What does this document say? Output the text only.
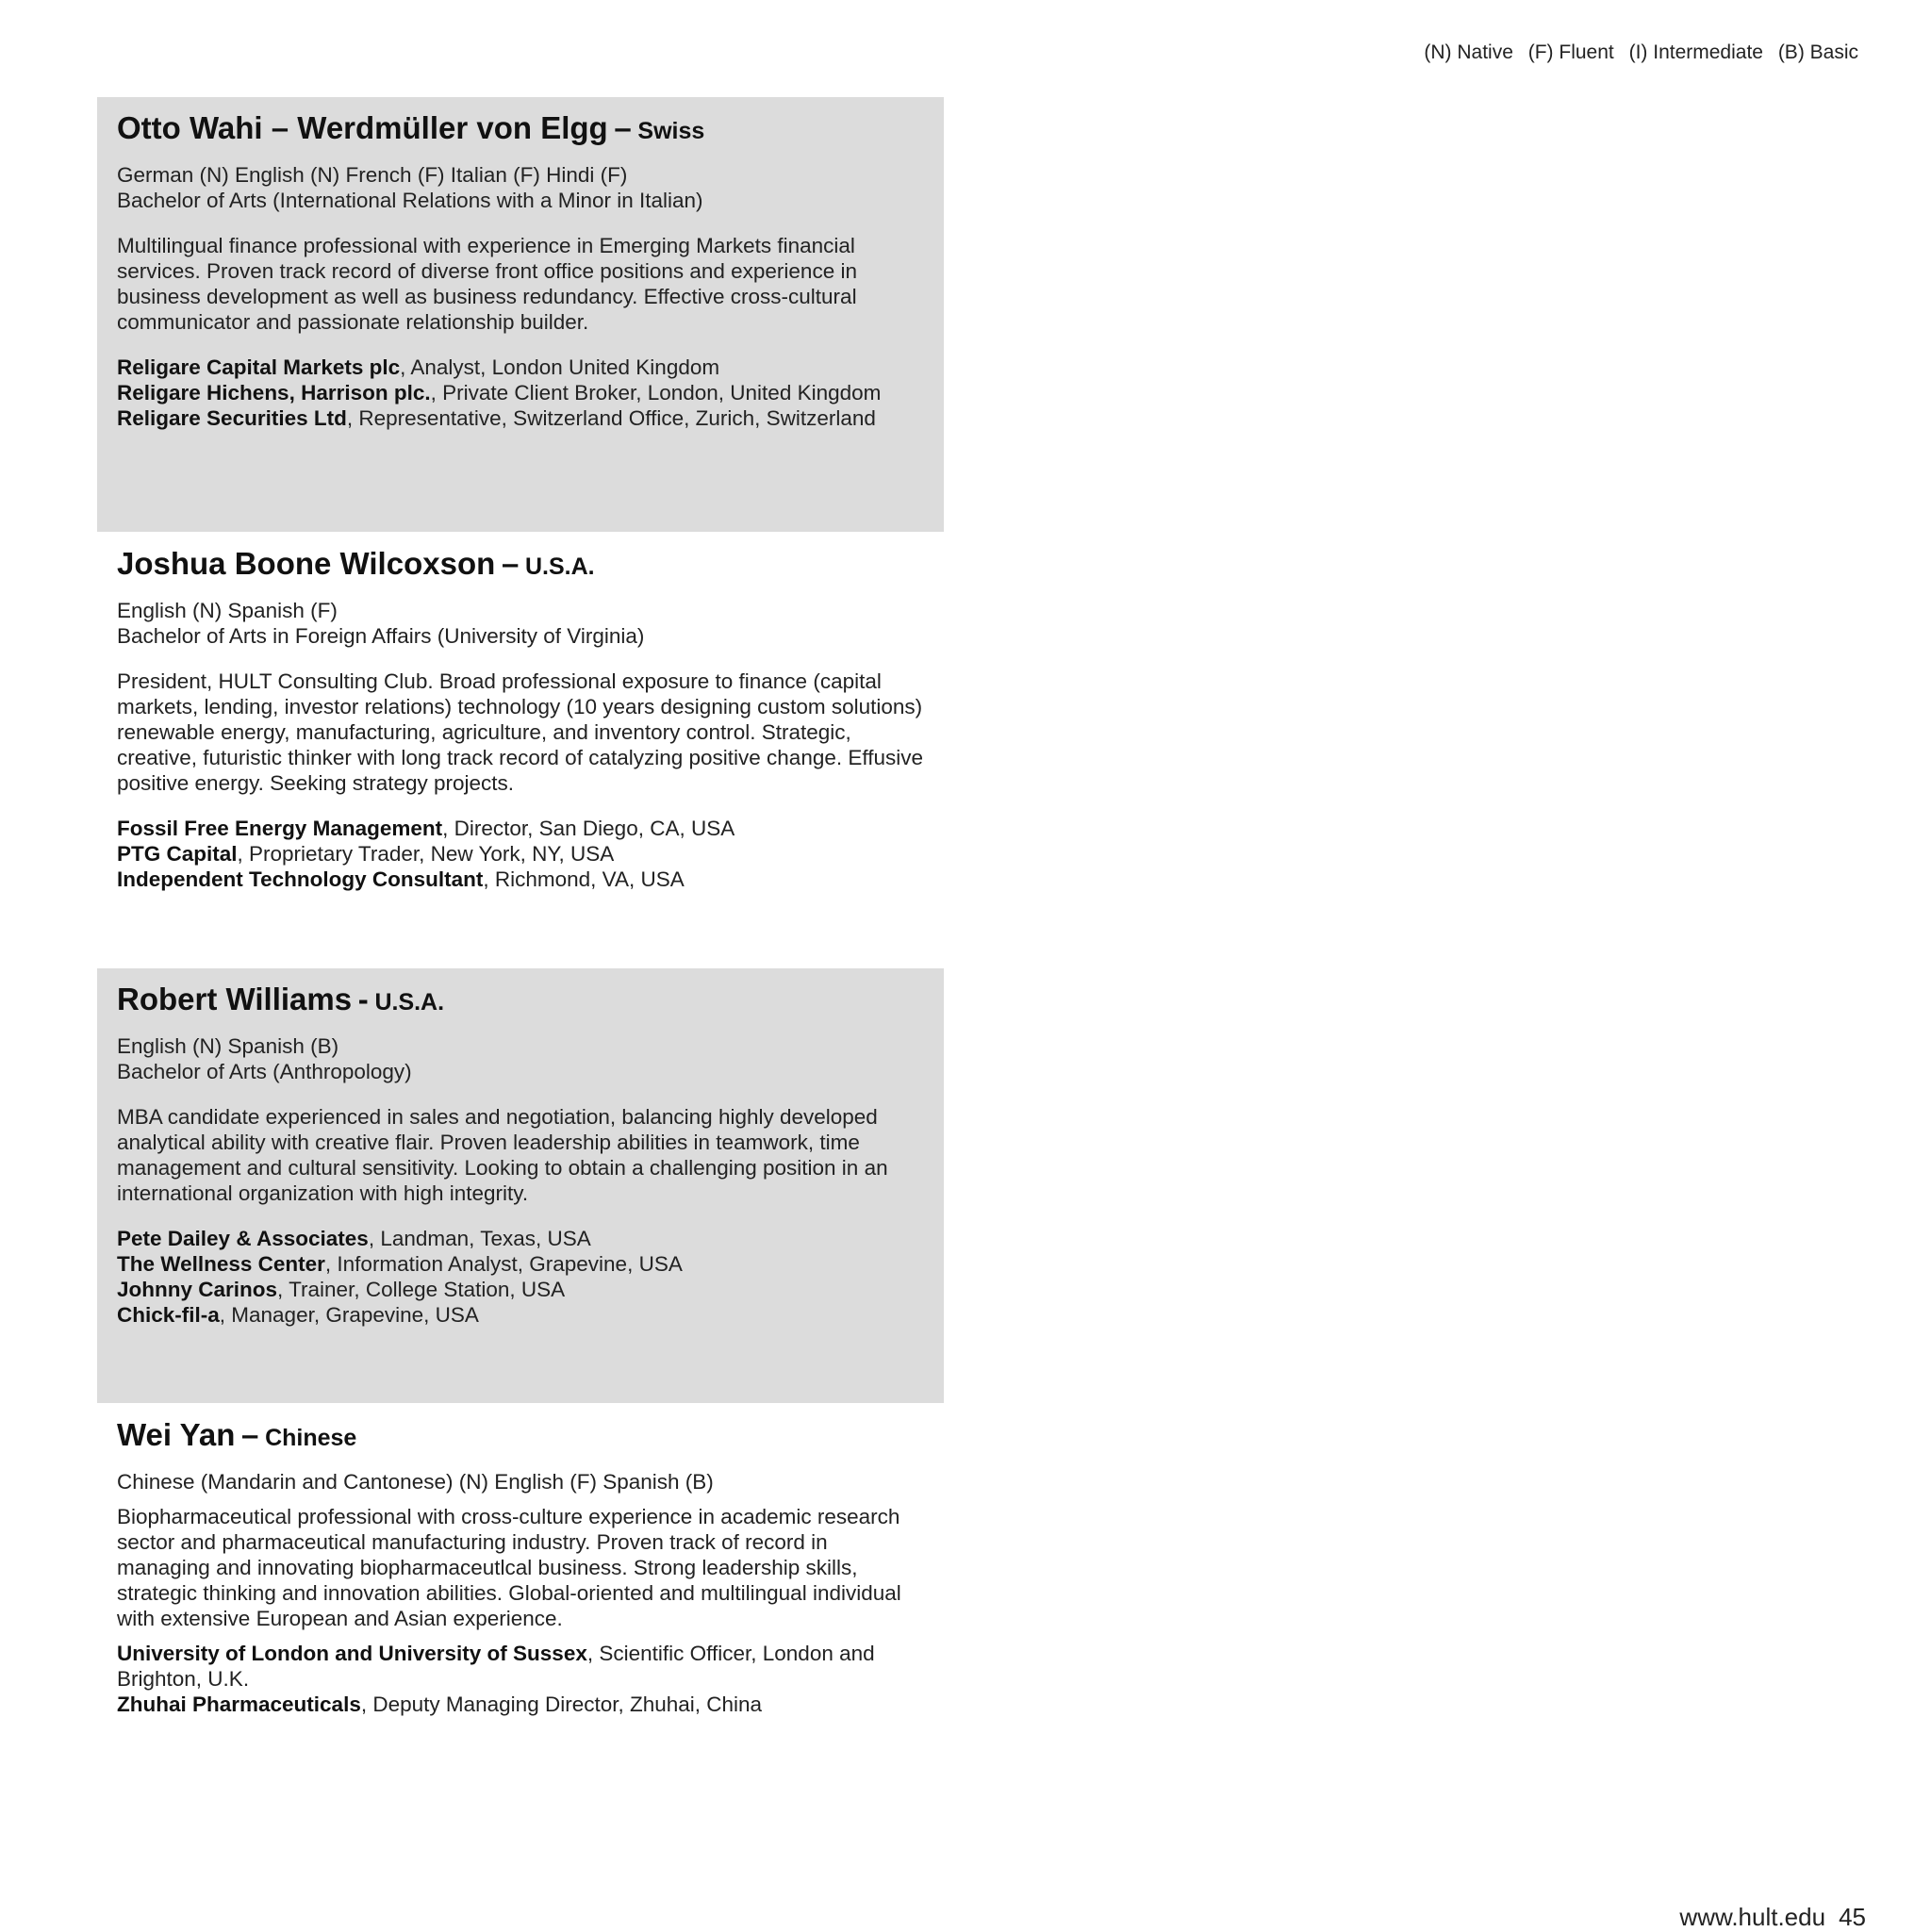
(N) Native (F) Fluent (I) Intermediate (B) Basic
Otto Wahi – Werdmüller von Elgg – Swiss

German (N) English (N) French (F) Italian (F) Hindi (F)

Bachelor of Arts (International Relations with a Minor in Italian)

Multilingual finance professional with experience in Emerging Markets financial services. Proven track record of diverse front office positions and experience in business development as well as business redundancy. Effective cross-cultural communicator and passionate relationship builder.

Religare Capital Markets plc, Analyst, London United Kingdom
Religare Hichens, Harrison plc., Private Client Broker, London, United Kingdom
Religare Securities Ltd, Representative, Switzerland Office, Zurich, Switzerland
Joshua Boone Wilcoxson – U.S.A.

English (N) Spanish (F)

Bachelor of Arts in Foreign Affairs (University of Virginia)

President, HULT Consulting Club. Broad professional exposure to finance (capital markets, lending, investor relations) technology (10 years designing custom solutions) renewable energy, manufacturing, agriculture, and inventory control. Strategic, creative, futuristic thinker with long track record of catalyzing positive change. Effusive positive energy. Seeking strategy projects.

Fossil Free Energy Management, Director, San Diego, CA, USA
PTG Capital, Proprietary Trader, New York, NY, USA
Independent Technology Consultant, Richmond, VA, USA
Robert Williams - U.S.A.

English (N) Spanish (B)

Bachelor of Arts (Anthropology)

MBA candidate experienced in sales and negotiation, balancing highly developed analytical ability with creative flair. Proven leadership abilities in teamwork, time management and cultural sensitivity. Looking to obtain a challenging position in an international organization with high integrity.

Pete Dailey & Associates, Landman, Texas, USA
The Wellness Center, Information Analyst, Grapevine, USA
Johnny Carinos, Trainer, College Station, USA
Chick-fil-a, Manager, Grapevine, USA
Wei Yan – Chinese

Chinese (Mandarin and Cantonese) (N) English (F) Spanish (B)

Biopharmaceutical professional with cross-culture experience in academic research sector and pharmaceutical manufacturing industry. Proven track of record in managing and innovating biopharmaceutlcal business. Strong leadership skills, strategic thinking and innovation abilities. Global-oriented and multilingual individual with extensive European and Asian experience.

University of London and University of Sussex, Scientific Officer, London and Brighton, U.K.
Zhuhai Pharmaceuticals, Deputy Managing Director, Zhuhai, China
www.hult.edu 45
